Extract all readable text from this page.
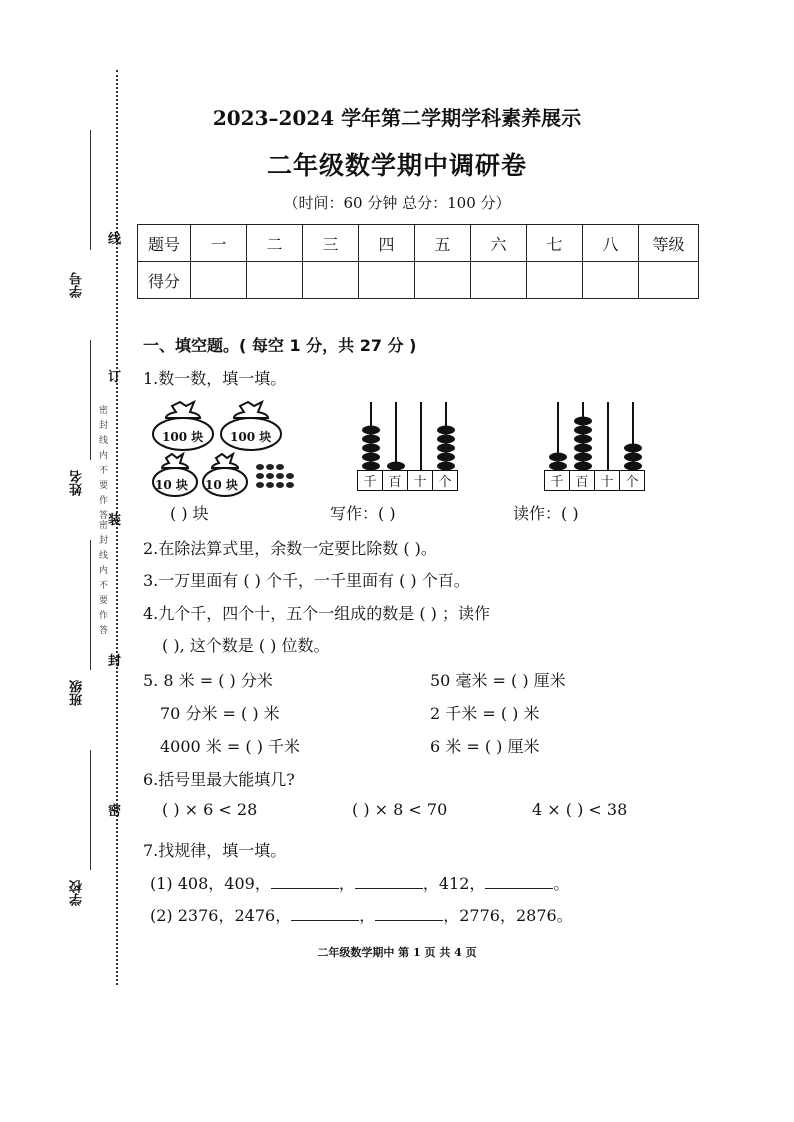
学号
姓名
班级
学校
线
订
装
封
密
密封线内不要作答
密封线内不要作答
2023–2024 学年第二学期学科素养展示
二年级数学期中调研卷
（时间：60 分钟 总分：100 分）
题号	一	二	三	四	五	六	七	八	等级
得分									
一、填空题。( 每空 1 分，共 27 分 )
1.数一数，填一填。
100 块 100 块
10 块 10 块	千 百 十 个	千 百 十 个
( ) 块	写作：( )	读作：( )
2.在除法算式里，余数一定要比除数 ( )。
3.一万里面有 ( ) 个千，一千里面有 ( ) 个百。
4.九个千，四个十，五个一组成的数是 ( ) ；读作
( ), 这个数是 ( ) 位数。
5. 8 米 = ( ) 分米	50 毫米 = ( ) 厘米
70 分米 = ( ) 米	2 千米 = ( ) 米
4000 米 = ( ) 千米	6 米 = ( ) 厘米
6.括号里最大能填几?
( ) × 6 < 28	( ) × 8 < 70	4 × ( ) < 38
7.找规律，填一填。
(1) 408，409，	，	，412，	。
(2) 2376，2476，	，	，2776，2876。
二年级数学期中 第 1 页 共 4 页
